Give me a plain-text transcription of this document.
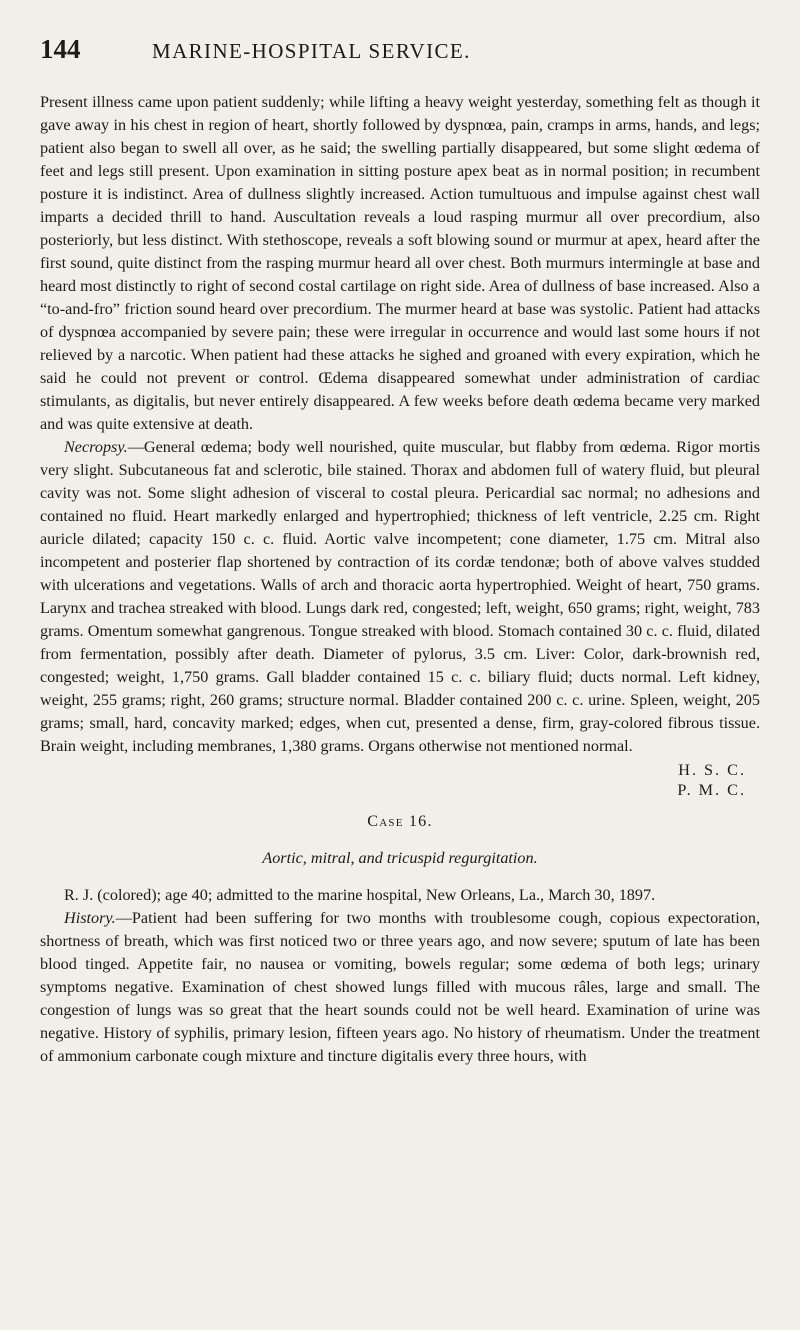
144	MARINE-HOSPITAL SERVICE.

Present illness came upon patient suddenly; while lifting a heavy weight yesterday, something felt as though it gave away in his chest in region of heart, shortly followed by dyspnœa, pain, cramps in arms, hands, and legs; patient also began to swell all over, as he said; the swelling partially disappeared, but some slight œdema of feet and legs still present. Upon examination in sitting posture apex beat as in normal position; in recumbent posture it is indistinct. Area of dullness slightly increased. Action tumultuous and impulse against chest wall imparts a decided thrill to hand. Auscultation reveals a loud rasping murmur all over precordium, also posteriorly, but less distinct. With stethoscope, reveals a soft blowing sound or murmur at apex, heard after the first sound, quite distinct from the rasping murmur heard all over chest. Both murmurs intermingle at base and heard most distinctly to right of second costal cartilage on right side. Area of dullness of base increased. Also a “to-and-fro” friction sound heard over precordium. The murmer heard at base was systolic. Patient had attacks of dyspnœa accompanied by severe pain; these were irregular in occurrence and would last some hours if not relieved by a narcotic. When patient had these attacks he sighed and groaned with every expiration, which he said he could not prevent or control. Œdema disappeared somewhat under administration of cardiac stimulants, as digitalis, but never entirely disappeared. A few weeks before death œdema became very marked and was quite extensive at death.

Necropsy.—General œdema; body well nourished, quite muscular, but flabby from œdema. Rigor mortis very slight. Subcutaneous fat and sclerotic, bile stained. Thorax and abdomen full of watery fluid, but pleural cavity was not. Some slight adhesion of visceral to costal pleura. Pericardial sac normal; no adhesions and contained no fluid. Heart markedly enlarged and hypertrophied; thickness of left ventricle, 2.25 cm. Right auricle dilated; capacity 150 c. c. fluid. Aortic valve incompetent; cone diameter, 1.75 cm. Mitral also incompetent and posterier flap shortened by contraction of its cordæ tendonæ; both of above valves studded with ulcerations and vegetations. Walls of arch and thoracic aorta hypertrophied. Weight of heart, 750 grams. Larynx and trachea streaked with blood. Lungs dark red, congested; left, weight, 650 grams; right, weight, 783 grams. Omentum somewhat gangrenous. Tongue streaked with blood. Stomach contained 30 c. c. fluid, dilated from fermentation, possibly after death. Diameter of pylorus, 3.5 cm. Liver: Color, dark-brownish red, congested; weight, 1,750 grams. Gall bladder contained 15 c. c. biliary fluid; ducts normal. Left kidney, weight, 255 grams; right, 260 grams; structure normal. Bladder contained 200 c. c. urine. Spleen, weight, 205 grams; small, hard, concavity marked; edges, when cut, presented a dense, firm, gray-colored fibrous tissue. Brain weight, including membranes, 1,380 grams. Organs otherwise not mentioned normal.

H. S. C.
P. M. C.
Case 16.
Aortic, mitral, and tricuspid regurgitation.

R. J. (colored); age 40; admitted to the marine hospital, New Orleans, La., March 30, 1897.

History.—Patient had been suffering for two months with troublesome cough, copious expectoration, shortness of breath, which was first noticed two or three years ago, and now severe; sputum of late has been blood tinged. Appetite fair, no nausea or vomiting, bowels regular; some œdema of both legs; urinary symptoms negative. Examination of chest showed lungs filled with mucous râles, large and small. The congestion of lungs was so great that the heart sounds could not be well heard. Examination of urine was negative. History of syphilis, primary lesion, fifteen years ago. No history of rheumatism. Under the treatment of ammonium carbonate cough mixture and tincture digitalis every three hours, with
